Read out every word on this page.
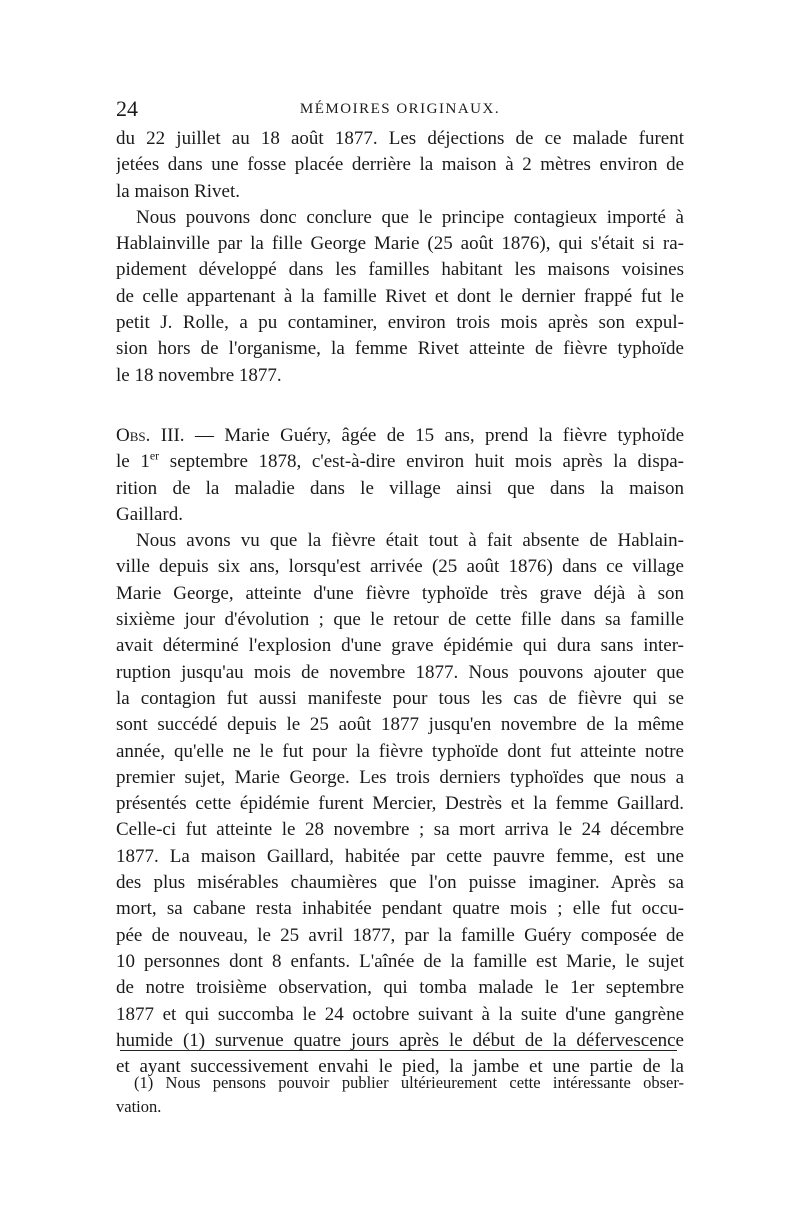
24	MÉMOIRES ORIGINAUX.
du 22 juillet au 18 août 1877. Les déjections de ce malade furent
jetées dans une fosse placée derrière la maison à 2 mètres environ de
la maison Rivet.
Nous pouvons donc conclure que le principe contagieux importé à
Hablainville par la fille George Marie (25 août 1876), qui s'était si ra-
pidement développé dans les familles habitant les maisons voisines
de celle appartenant à la famille Rivet et dont le dernier frappé fut le
petit J. Rolle, a pu contaminer, environ trois mois après son expul-
sion hors de l'organisme, la femme Rivet atteinte de fièvre typhoïde
le 18 novembre 1877.
Obs. III. — Marie Guéry, âgée de 15 ans, prend la fièvre typhoïde
le 1er septembre 1878, c'est-à-dire environ huit mois après la dispa-
rition de la maladie dans le village ainsi que dans la maison
Gaillard.
Nous avons vu que la fièvre était tout à fait absente de Hablain-
ville depuis six ans, lorsqu'est arrivée (25 août 1876) dans ce village
Marie George, atteinte d'une fièvre typhoïde très grave déjà à son
sixième jour d'évolution ; que le retour de cette fille dans sa famille
avait déterminé l'explosion d'une grave épidémie qui dura sans inter-
ruption jusqu'au mois de novembre 1877. Nous pouvons ajouter que
la contagion fut aussi manifeste pour tous les cas de fièvre qui se
sont succédé depuis le 25 août 1877 jusqu'en novembre de la même
année, qu'elle ne le fut pour la fièvre typhoïde dont fut atteinte notre
premier sujet, Marie George. Les trois derniers typhoïdes que nous a
présentés cette épidémie furent Mercier, Destrès et la femme Gaillard.
Celle-ci fut atteinte le 28 novembre ; sa mort arriva le 24 décembre
1877. La maison Gaillard, habitée par cette pauvre femme, est une
des plus misérables chaumières que l'on puisse imaginer. Après sa
mort, sa cabane resta inhabitée pendant quatre mois ; elle fut occu-
pée de nouveau, le 25 avril 1877, par la famille Guéry composée de
10 personnes dont 8 enfants. L'aînée de la famille est Marie, le sujet
de notre troisième observation, qui tomba malade le 1er septembre
1877 et qui succomba le 24 octobre suivant à la suite d'une gangrène
humide (1) survenue quatre jours après le début de la défervescence
et ayant successivement envahi le pied, la jambe et une partie de la
(1) Nous pensons pouvoir publier ultérieurement cette intéressante obser-
vation.
